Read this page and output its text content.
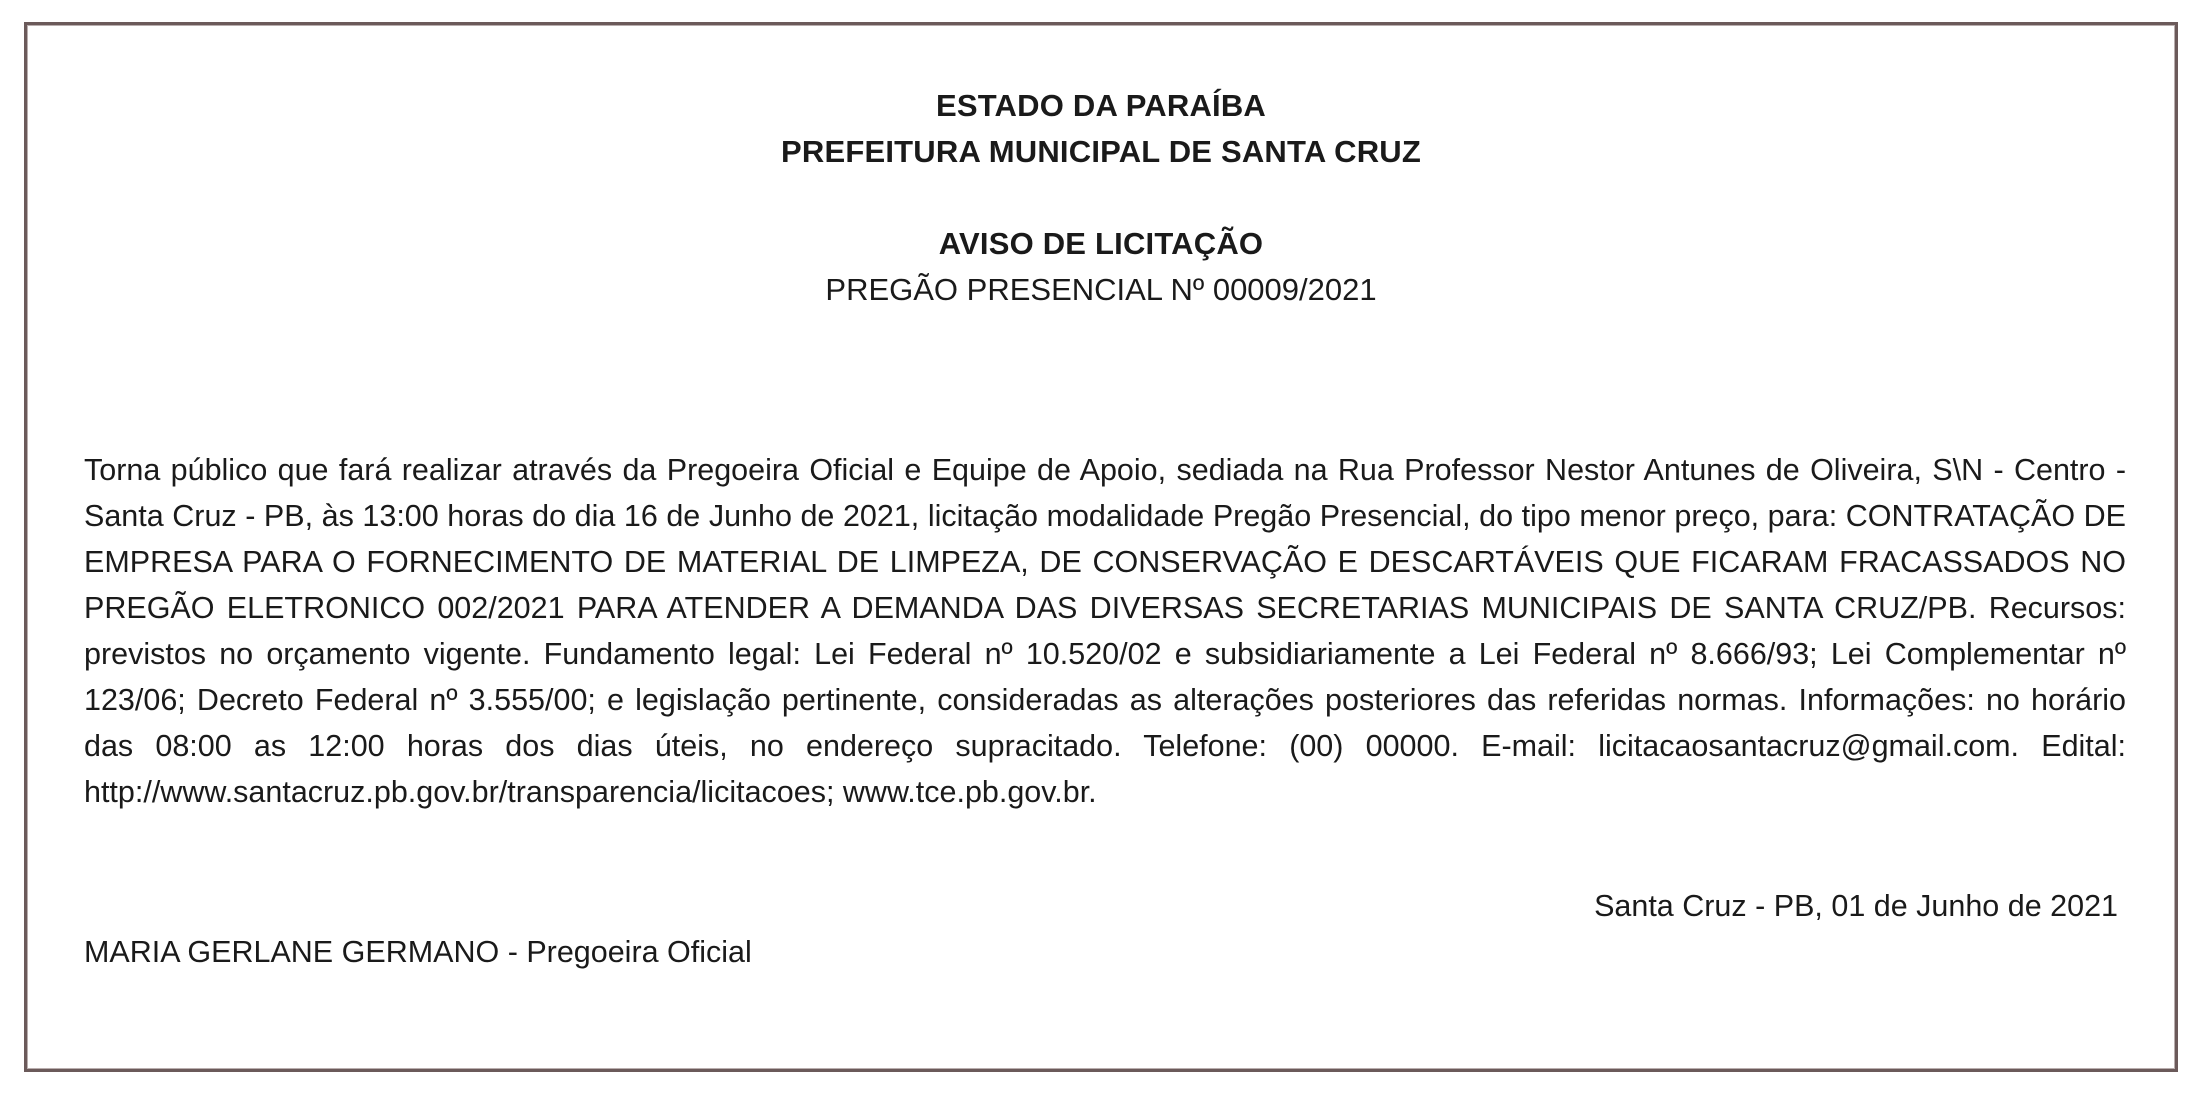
ESTADO DA PARAÍBA
PREFEITURA MUNICIPAL DE SANTA CRUZ
AVISO DE LICITAÇÃO
PREGÃO PRESENCIAL Nº 00009/2021
Torna público que fará realizar através da Pregoeira Oficial e Equipe de Apoio, sediada na Rua Professor Nestor Antunes de Oliveira, S\N - Centro - Santa Cruz - PB, às 13:00 horas do dia 16 de Junho de 2021, licitação modalidade Pregão Presencial, do tipo menor preço, para: CONTRATAÇÃO DE EMPRESA PARA O FORNECIMENTO DE MATERIAL DE LIMPEZA, DE CONSERVAÇÃO E DESCARTÁVEIS QUE FICARAM FRACASSADOS NO PREGÃO ELETRONICO 002/2021 PARA ATENDER A DEMANDA DAS DIVERSAS SECRETARIAS MUNICIPAIS DE SANTA CRUZ/PB. Recursos: previstos no orçamento vigente. Fundamento legal: Lei Federal nº 10.520/02 e subsidiariamente a Lei Federal nº 8.666/93; Lei Complementar nº 123/06; Decreto Federal nº 3.555/00; e legislação pertinente, consideradas as alterações posteriores das referidas normas. Informações: no horário das 08:00 as 12:00 horas dos dias úteis, no endereço supracitado. Telefone: (00) 00000. E-mail: licitacaosantacruz@gmail.com. Edital: http://www.santacruz.pb.gov.br/transparencia/licitacoes; www.tce.pb.gov.br.
Santa Cruz - PB, 01 de Junho de 2021
MARIA GERLANE GERMANO - Pregoeira Oficial
